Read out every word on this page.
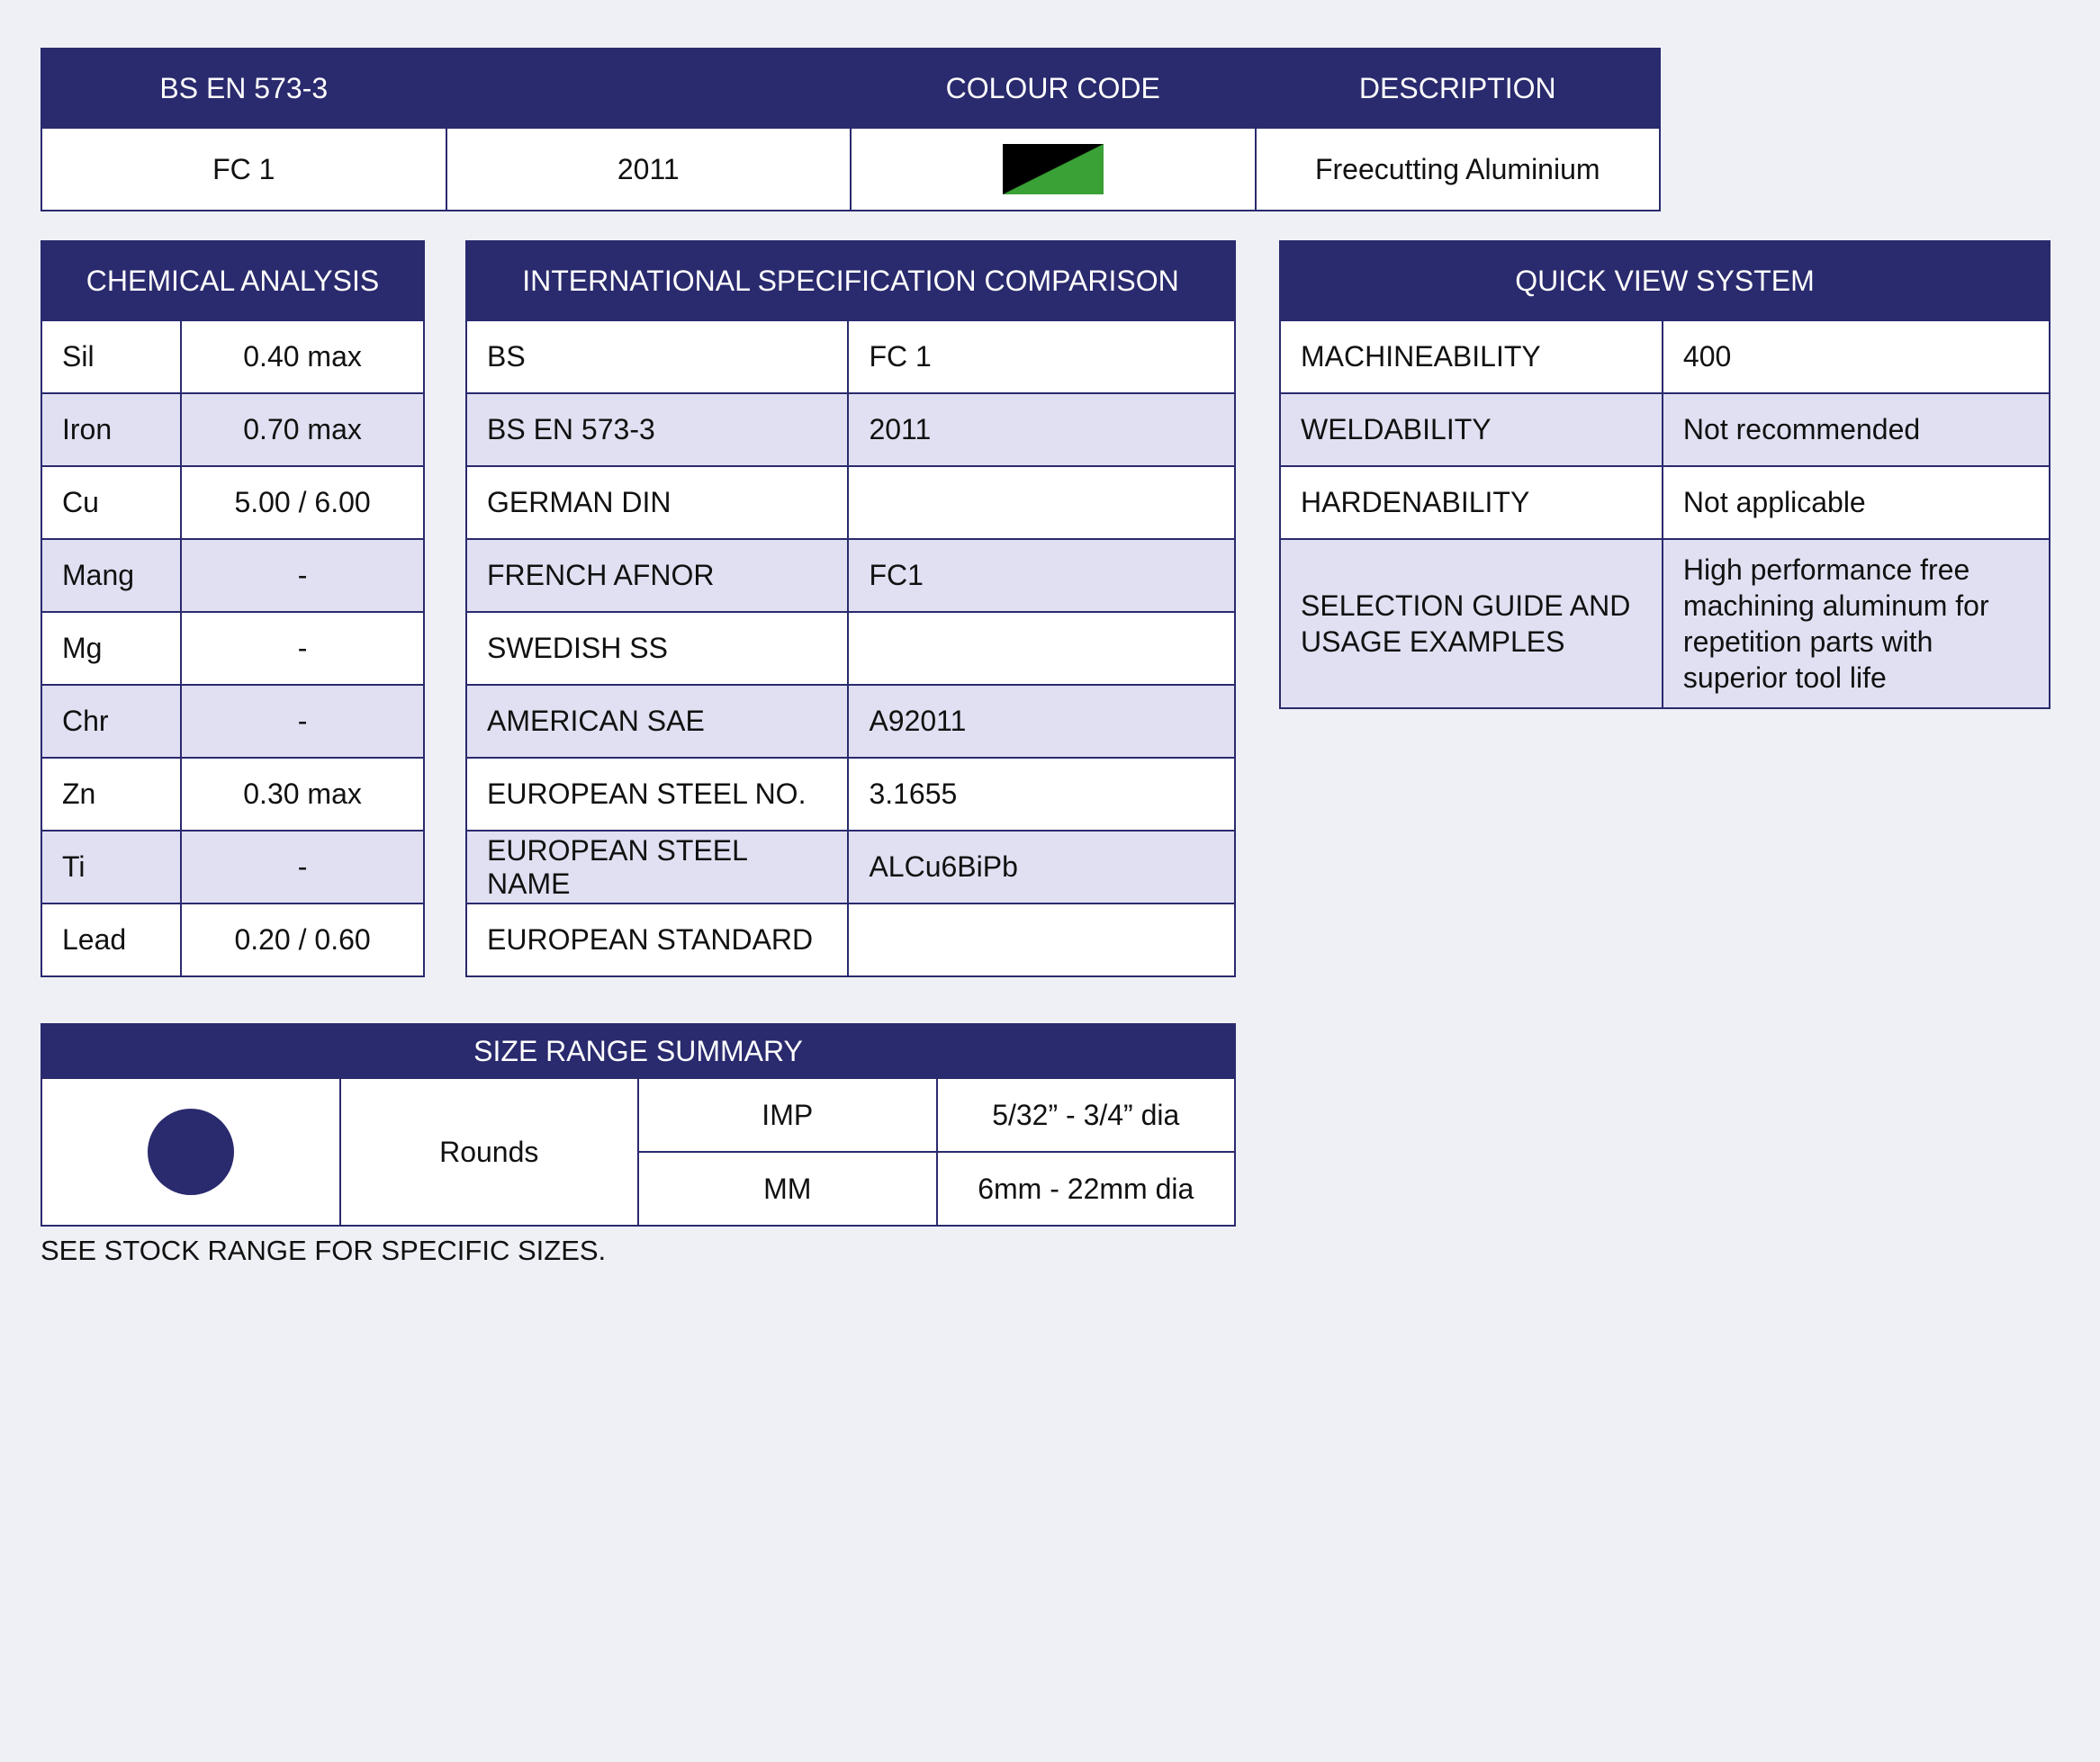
BS EN 573-3		COLOUR CODE	DESCRIPTION
FC 1	2011		Freecutting Aluminium
CHEMICAL ANALYSIS	
Sil	0.40 max
Iron	0.70 max
Cu	5.00 / 6.00
Mang	-
Mg	-
Chr	-
Zn	0.30 max
Ti	-
Lead	0.20 / 0.60
INTERNATIONAL SPECIFICATION COMPARISON	
BS	FC 1
BS EN 573-3	2011
GERMAN DIN	
FRENCH AFNOR	FC1
SWEDISH SS	
AMERICAN SAE	A92011
EUROPEAN STEEL NO.	3.1655
EUROPEAN STEEL NAME	ALCu6BiPb
EUROPEAN STANDARD	
QUICK VIEW SYSTEM	
MACHINEABILITY	400
WELDABILITY	Not recommended
HARDENABILITY	Not applicable
SELECTION GUIDE AND USAGE EXAMPLES	High performance free machining aluminum for repetition parts with superior tool life
SIZE RANGE SUMMARY			
	Rounds	IMP	5/32” - 3/4” dia
		MM	6mm - 22mm dia
SEE STOCK RANGE FOR SPECIFIC SIZES.
